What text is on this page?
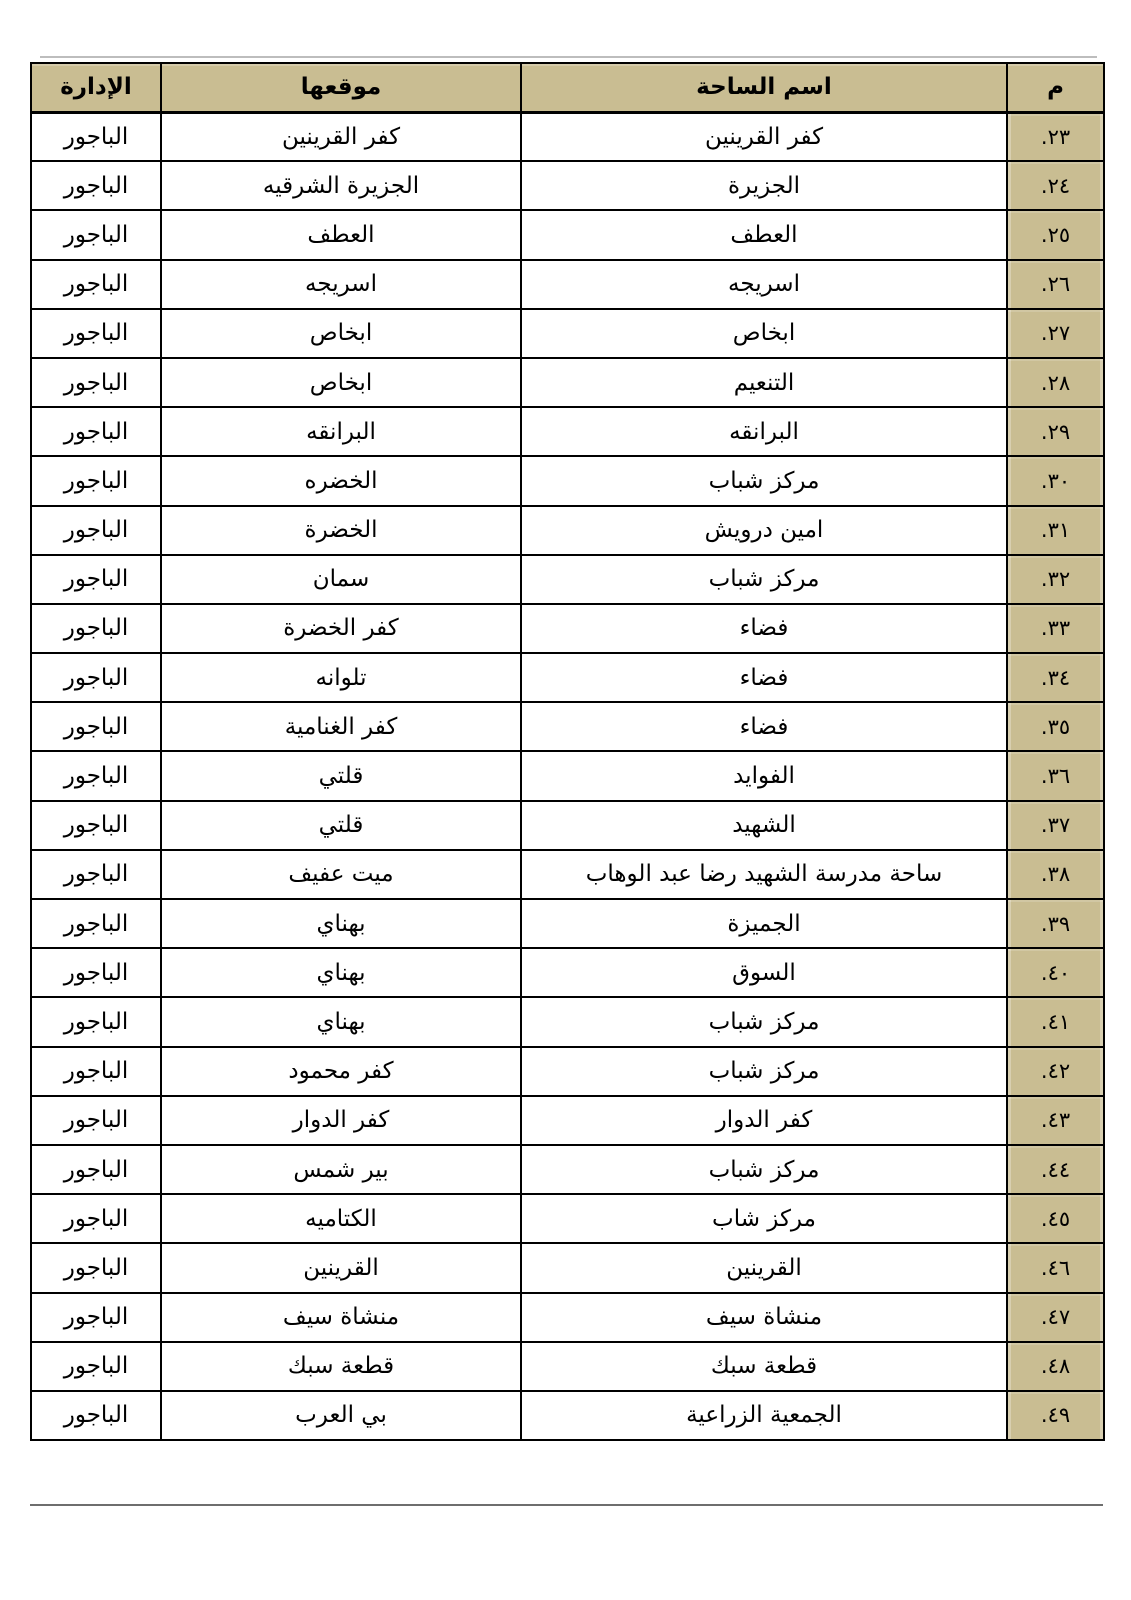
م	اسم الساحة	موقعها	الإدارة
٢٣.	كفر القرينين	كفر القرينين	الباجور
٢٤.	الجزيرة	الجزيرة الشرقيه	الباجور
٢٥.	العطف	العطف	الباجور
٢٦.	اسريجه	اسريجه	الباجور
٢٧.	ابخاص	ابخاص	الباجور
٢٨.	التنعيم	ابخاص	الباجور
٢٩.	البرانقه	البرانقه	الباجور
٣٠.	مركز شباب	الخضره	الباجور
٣١.	امين درويش	الخضرة	الباجور
٣٢.	مركز شباب	سمان	الباجور
٣٣.	فضاء	كفر الخضرة	الباجور
٣٤.	فضاء	تلوانه	الباجور
٣٥.	فضاء	كفر الغنامية	الباجور
٣٦.	الفوايد	قلتي	الباجور
٣٧.	الشهيد	قلتي	الباجور
٣٨.	ساحة مدرسة الشهيد رضا عبد الوهاب	ميت عفيف	الباجور
٣٩.	الجميزة	بهناي	الباجور
٤٠.	السوق	بهناي	الباجور
٤١.	مركز شباب	بهناي	الباجور
٤٢.	مركز شباب	كفر محمود	الباجور
٤٣.	كفر الدوار	كفر الدوار	الباجور
٤٤.	مركز شباب	بير شمس	الباجور
٤٥.	مركز شاب	الكتاميه	الباجور
٤٦.	القرينين	القرينين	الباجور
٤٧.	منشاة سيف	منشاة سيف	الباجور
٤٨.	قطعة سبك	قطعة سبك	الباجور
٤٩.	الجمعية الزراعية	بي العرب	الباجور
